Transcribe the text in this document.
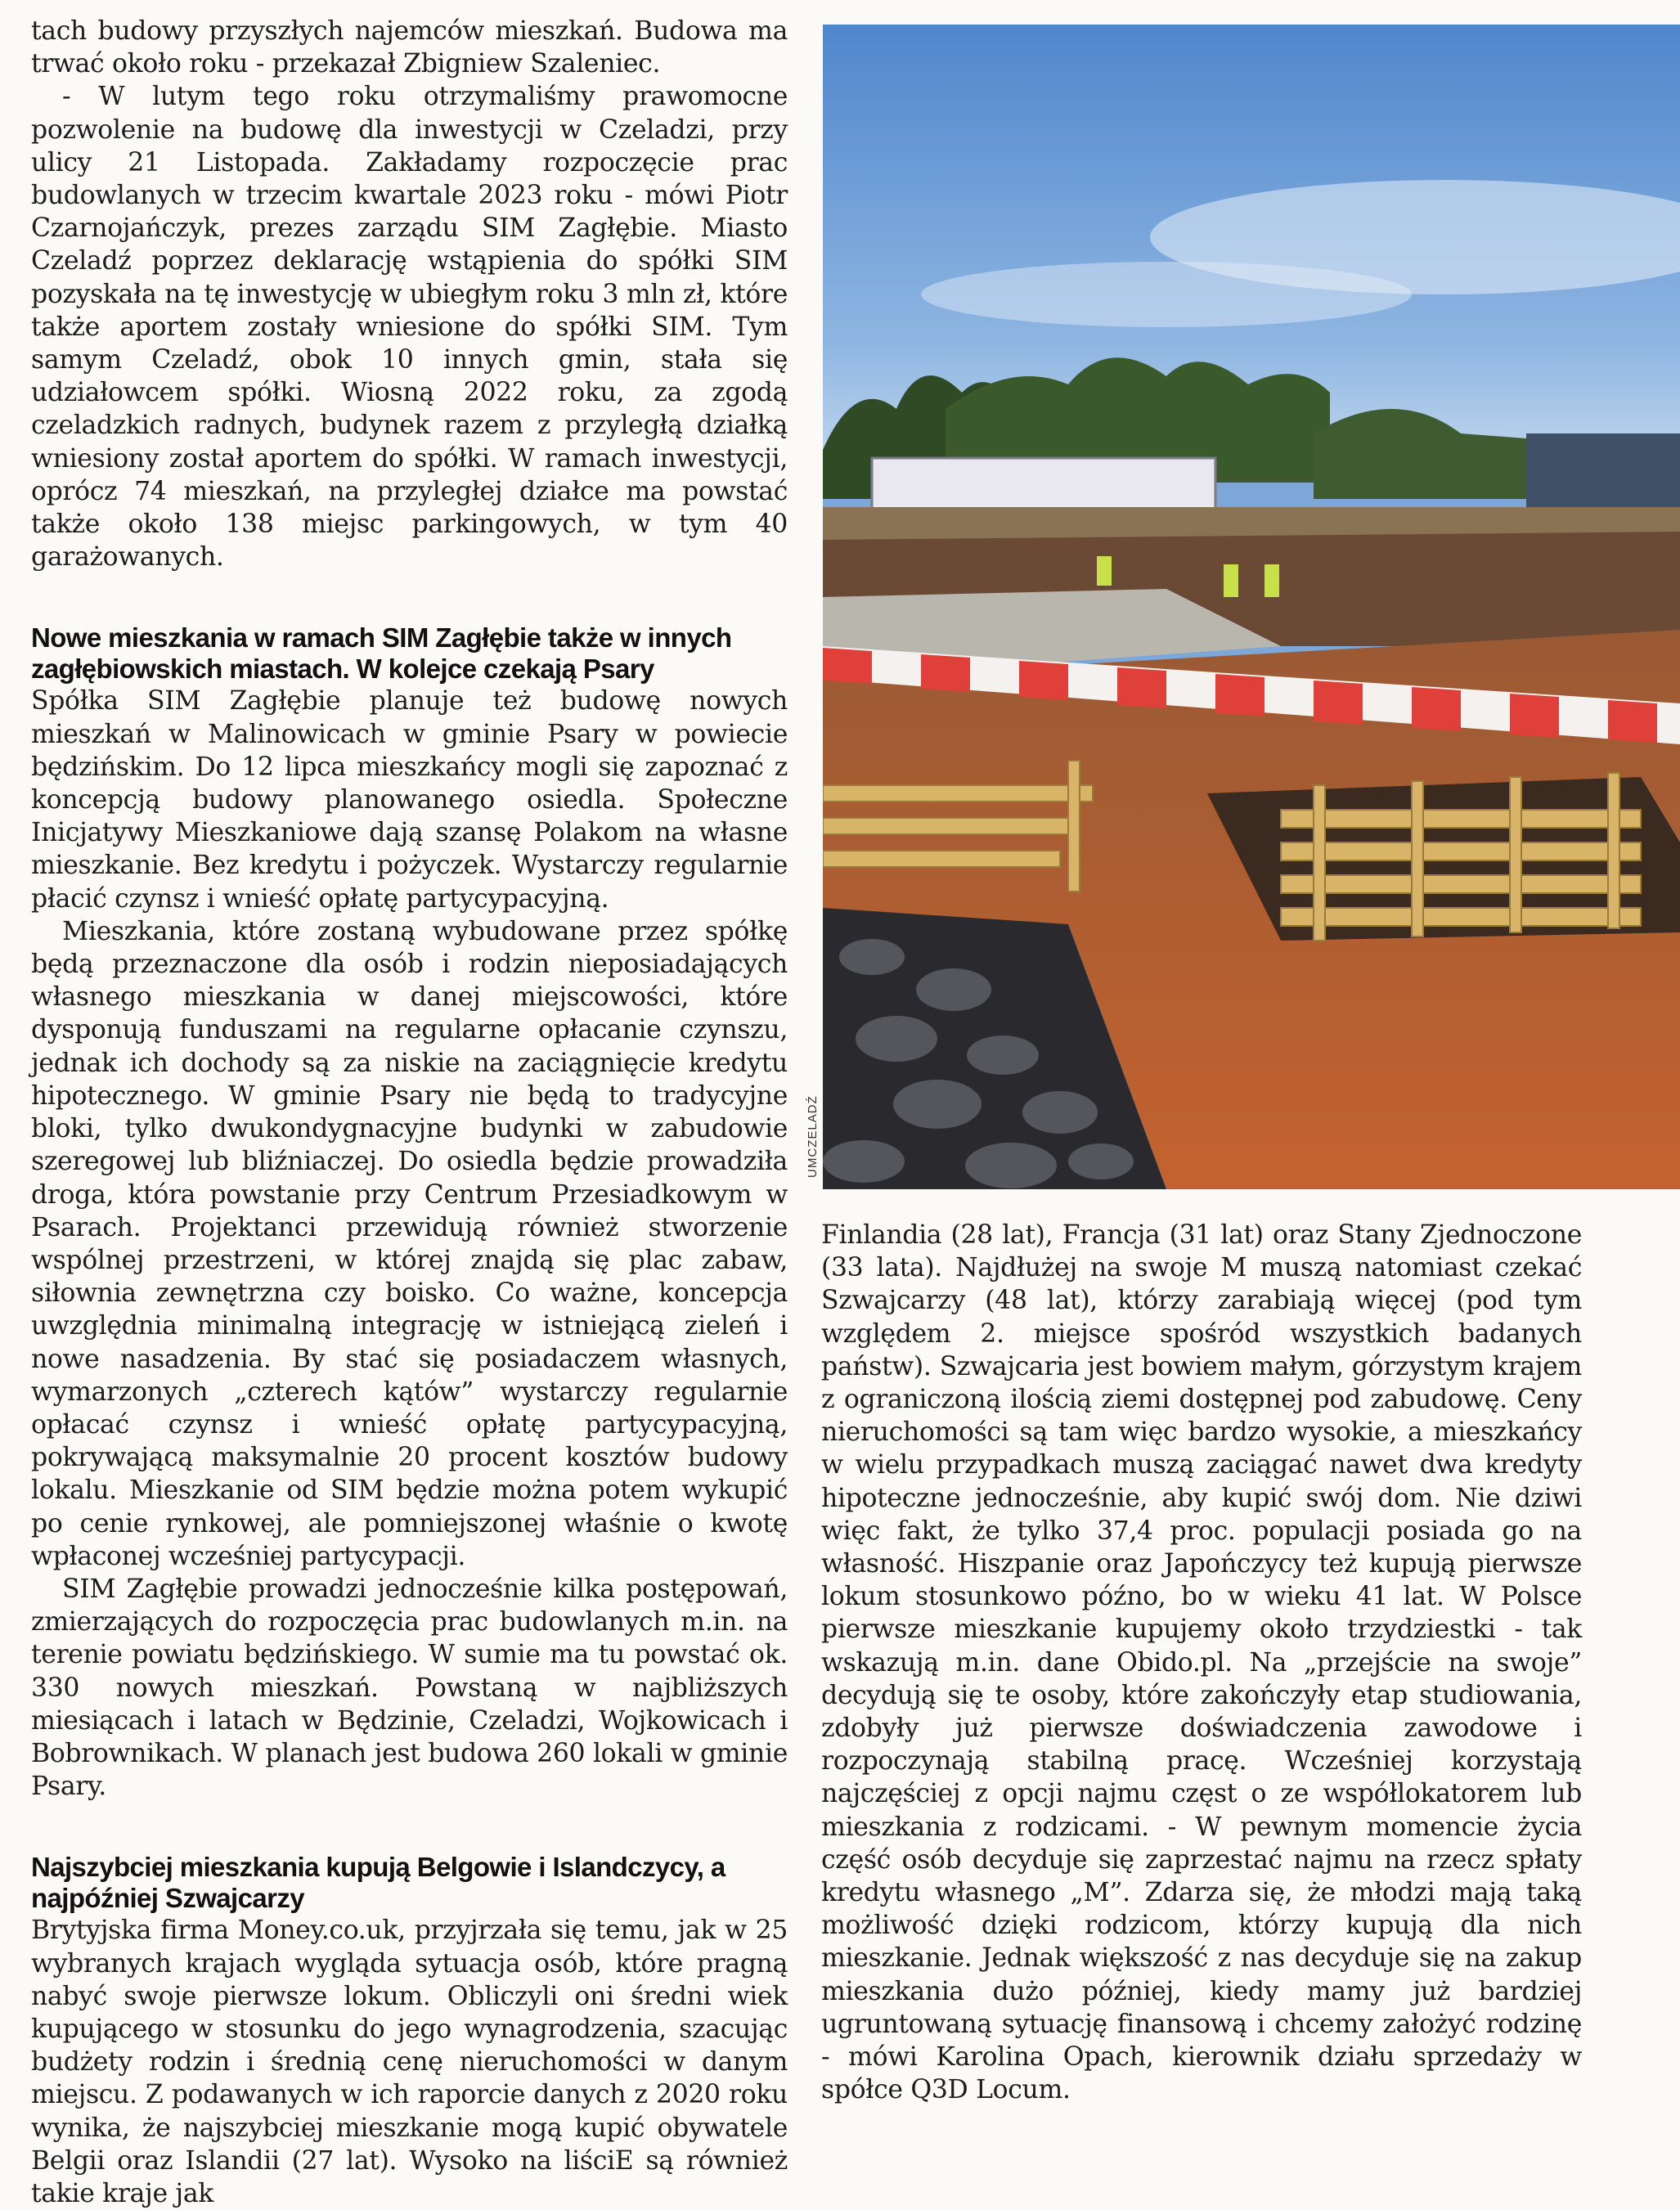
tach budowy przyszłych najemców mieszkań. Budowa ma trwać około roku - przekazał Zbigniew Szaleniec.

- W lutym tego roku otrzymaliśmy prawomocne pozwolenie na budowę dla inwestycji w Czeladzi, przy ulicy 21 Listopada. Zakładamy rozpoczęcie prac budowlanych w trzecim kwartale 2023 roku - mówi Piotr Czarnojańczyk, prezes zarządu SIM Zagłębie. Miasto Czeladź poprzez deklarację wstąpienia do spółki SIM pozyskała na tę inwestycję w ubiegłym roku 3 mln zł, które także aportem zostały wniesione do spółki SIM. Tym samym Czeladź, obok 10 innych gmin, stała się udziałowcem spółki. Wiosną 2022 roku, za zgodą czeladzkich radnych, budynek razem z przyległą działką wniesiony został aportem do spółki. W ramach inwestycji, oprócz 74 mieszkań, na przyległej działce ma powstać także około 138 miejsc parkingowych, w tym 40 garażowanych.

Nowe mieszkania w ramach SIM Zagłębie także w innych zagłębiowskich miastach. W kolejce czekają Psary

Spółka SIM Zagłębie planuje też budowę nowych mieszkań w Malinowicach w gminie Psary w powiecie będzińskim. Do 12 lipca mieszkańcy mogli się zapoznać z koncepcją budowy planowanego osiedla. Społeczne Inicjatywy Mieszkaniowe dają szansę Polakom na własne mieszkanie. Bez kredytu i pożyczek. Wystarczy regularnie płacić czynsz i wnieść opłatę partycypacyjną.

Mieszkania, które zostaną wybudowane przez spółkę będą przeznaczone dla osób i rodzin nieposiadających własnego mieszkania w danej miejscowości, które dysponują funduszami na regularne opłacanie czynszu, jednak ich dochody są za niskie na zaciągnięcie kredytu hipotecznego. W gminie Psary nie będą to tradycyjne bloki, tylko dwukondygnacyjne budynki w zabudowie szeregowej lub bliźniaczej. Do osiedla będzie prowadziła droga, która powstanie przy Centrum Przesiadkowym w Psarach. Projektanci przewidują również stworzenie wspólnej przestrzeni, w której znajdą się plac zabaw, siłownia zewnętrzna czy boisko. Co ważne, koncepcja uwzględnia minimalną integrację w istniejącą zieleń i nowe nasadzenia. By stać się posiadaczem własnych, wymarzonych „czterech kątów” wystarczy regularnie opłacać czynsz i wnieść opłatę partycypacyjną, pokrywającą maksymalnie 20 procent kosztów budowy lokalu. Mieszkanie od SIM będzie można potem wykupić po cenie rynkowej, ale pomniejszonej właśnie o kwotę wpłaconej wcześniej partycypacji.

SIM Zagłębie prowadzi jednocześnie kilka postępowań, zmierzających do rozpoczęcia prac budowlanych m.in. na terenie powiatu będzińskiego. W sumie ma tu powstać ok. 330 nowych mieszkań. Powstaną w najbliższych miesiącach i latach w Będzinie, Czeladzi, Wojkowicach i Bobrownikach. W planach jest budowa 260 lokali w gminie Psary.

Najszybciej mieszkania kupują Belgowie i Islandczycy, a najpóźniej Szwajcarzy

Brytyjska firma Money.co.uk, przyjrzała się temu, jak w 25 wybranych krajach wygląda sytuacja osób, które pragną nabyć swoje pierwsze lokum. Obliczyli oni średni wiek kupującego w stosunku do jego wynagrodzenia, szacując budżety rodzin i średnią cenę nieruchomości w danym miejscu. Z podawanych w ich raporcie danych z 2020 roku wynika, że najszybciej mieszkanie mogą kupić obywatele Belgii oraz Islandii (27 lat). Wysoko na liściE są również takie kraje jak

UMCZELADŹ

Finlandia (28 lat), Francja (31 lat) oraz Stany Zjednoczone (33 lata). Najdłużej na swoje M muszą natomiast czekać Szwajcarzy (48 lat), którzy zarabiają więcej (pod tym względem 2. miejsce spośród wszystkich badanych państw). Szwajcaria jest bowiem małym, górzystym krajem z ograniczoną ilością ziemi dostępnej pod zabudowę. Ceny nieruchomości są tam więc bardzo wysokie, a mieszkańcy w wielu przypadkach muszą zaciągać nawet dwa kredyty hipoteczne jednocześnie, aby kupić swój dom. Nie dziwi więc fakt, że tylko 37,4 proc. populacji posiada go na własność. Hiszpanie oraz Japończycy też kupują pierwsze lokum stosunkowo późno, bo w wieku 41 lat. W Polsce pierwsze mieszkanie kupujemy około trzydziestki - tak wskazują m.in. dane Obido.pl. Na „przejście na swoje” decydują się te osoby, które zakończyły etap studiowania, zdobyły już pierwsze doświadczenia zawodowe i rozpoczynają stabilną pracę. Wcześniej korzystają najczęściej z opcji najmu częst o ze współlokatorem lub mieszkania z rodzicami. - W pewnym momencie życia część osób decyduje się zaprzestać najmu na rzecz spłaty kredytu własnego „M”. Zdarza się, że młodzi mają taką możliwość dzięki rodzicom, którzy kupują dla nich mieszkanie. Jednak większość z nas decyduje się na zakup mieszkania dużo później, kiedy mamy już bardziej ugruntowaną sytuację finansową i chcemy założyć rodzinę - mówi Karolina Opach, kierownik działu sprzedaży w spółce Q3D Locum.
